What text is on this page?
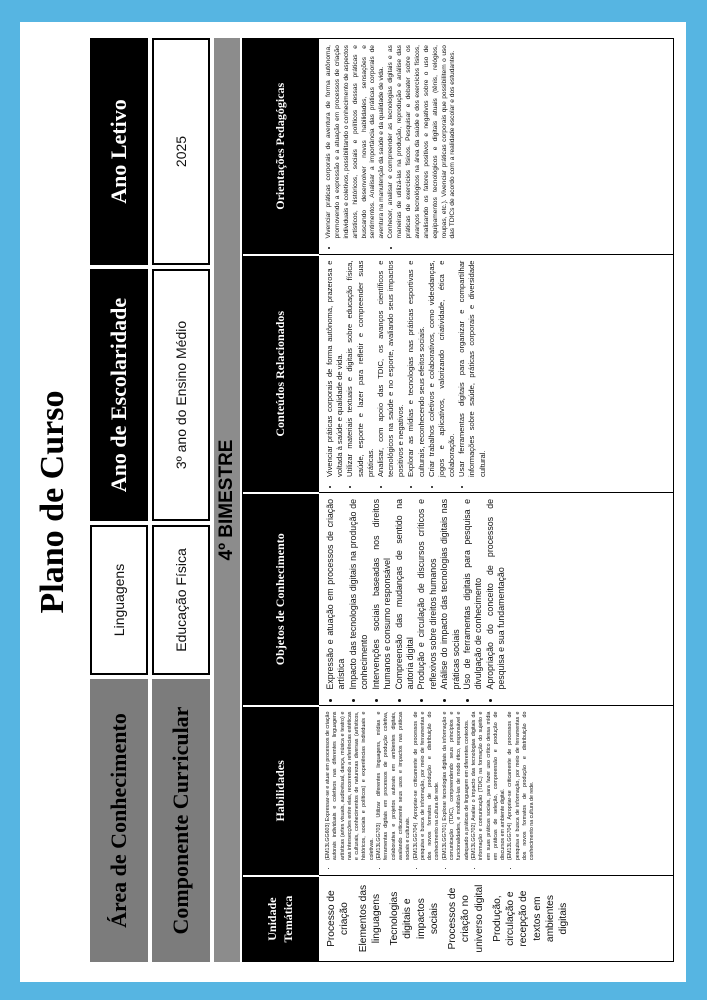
Plano de Curso
Área de Conhecimento
Linguagens
Ano de Escolaridade
Ano Letivo
Componente Curricular
Educação Física
3º ano do Ensino Médio
2025
4º BIMESTRE
Unidade Temática
Habilidades
Objetos de Conhecimento
Conteúdos Relacionados
Orientações Pedagógicas
Processo de criação Elementos das linguagens Tecnologias digitais e impactos sociais Processos de criação no universo digital Produção, circulação e recepção de textos em ambientes digitais
• (EM13LGG603) Expressar-se e atuar em processos de criação autorais individuais e coletivos nas diferentes linguagens artísticas (artes visuais, audiovisual, dança, música e teatro) e nas intersecções entre elas, recorrendo a referências estéticas e culturais, conhecimentos de naturezas diversas (artísticos, históricos, sociais e políticos) e experiências individuais e coletivas. • (EM13LGG703) Utilizar diferentes linguagens, mídias e ferramentas digitais em processos de produção coletiva, colaborativa e projetos autorais em ambientes digitais, avaliando criticamente seus usos e impactos nas práticas sociais e culturais. • (EM13LGG704) Apropriar-se criticamente de processos de pesquisa e busca de informação, por meio de ferramentas e dos novos formatos de produção e distribuição do conhecimento na cultura de rede. • (EM13LGG701) Explorar tecnologias digitais da informação e comunicação (TDIC), compreendendo seus princípios e funcionalidades, e mobilizá-las de modo ético, responsável e adequado a práticas de linguagem em diferentes contextos. • (EM13LGG702) Avaliar o impacto das tecnologias digitais da informação e comunicação (TDIC) na formação do sujeito e em suas práticas sociais, para fazer uso crítico dessa mídia em práticas de seleção, compreensão e produção de discursos em ambiente digital. • (EM13LGG704) Apropriar-se criticamente de processos de pesquisa e busca de informação, por meio de ferramentas e dos novos formatos de produção e distribuição do conhecimento na cultura de rede.
• Expressão e atuação em processos de criação artística • Impacto das tecnologias digitais na produção de conhecimento • Intervenções sociais baseadas nos direitos humanos e consumo responsável • Compreensão das mudanças de sentido na autoria digital • Produção e circulação de discursos críticos e reflexivos sobre direitos humanos • Análise do impacto das tecnologias digitais nas práticas sociais • Uso de ferramentas digitais para pesquisa e divulgação de conhecimento • Apropriação do conceito de processos de pesquisa e sua fundamentação
• Vivenciar práticas corporais de forma autônoma, prazerosa e voltada à saúde e qualidade de vida. • Utilizar materiais textuais e digitais sobre educação física, saúde, esporte e lazer para refletir e compreender suas práticas. • Analisar, com apoio das TDIC, os avanços científicos e tecnológicos na saúde e no esporte, avaliando seus impactos positivos e negativos. • Explorar as mídias e tecnologias nas práticas esportivas e culturais, reconhecendo seus efeitos sociais. • Criar trabalhos coletivos e colaborativos, como videodanças, jogos e aplicativos, valorizando criatividade, ética e colaboração. • Usar ferramentas digitais para organizar e compartilhar informações sobre saúde, práticas corporais e diversidade cultural.
• Vivenciar práticas corporais de aventura de forma autônoma, promovendo a expressão e a atuação em processos de criação individuais e coletivos, possibilitando o conhecimento de aspectos artísticos, históricos, sociais e políticos dessas práticas e buscando desenvolver novas habilidades, sensações e sentimentos. Analisar a importância das práticas corporais de aventura na manutenção da saúde e da qualidade de vida. • Conhecer, analisar e compreender as tecnologias digitais e as maneiras de utilizá-las na produção, reprodução e análise das práticas de exercícios físicos. Pesquisar e debater sobre os avanços tecnológicos na área da saúde e dos exercícios físicos, analisando os fatores positivos e negativos sobre o uso de equipamentos tecnológicos e digitais atuais (tênis, relógios, roupas, etc.). Vivenciar práticas corporais que possibilitem o uso das TDICs de acordo com a realidade escolar e dos estudantes.
